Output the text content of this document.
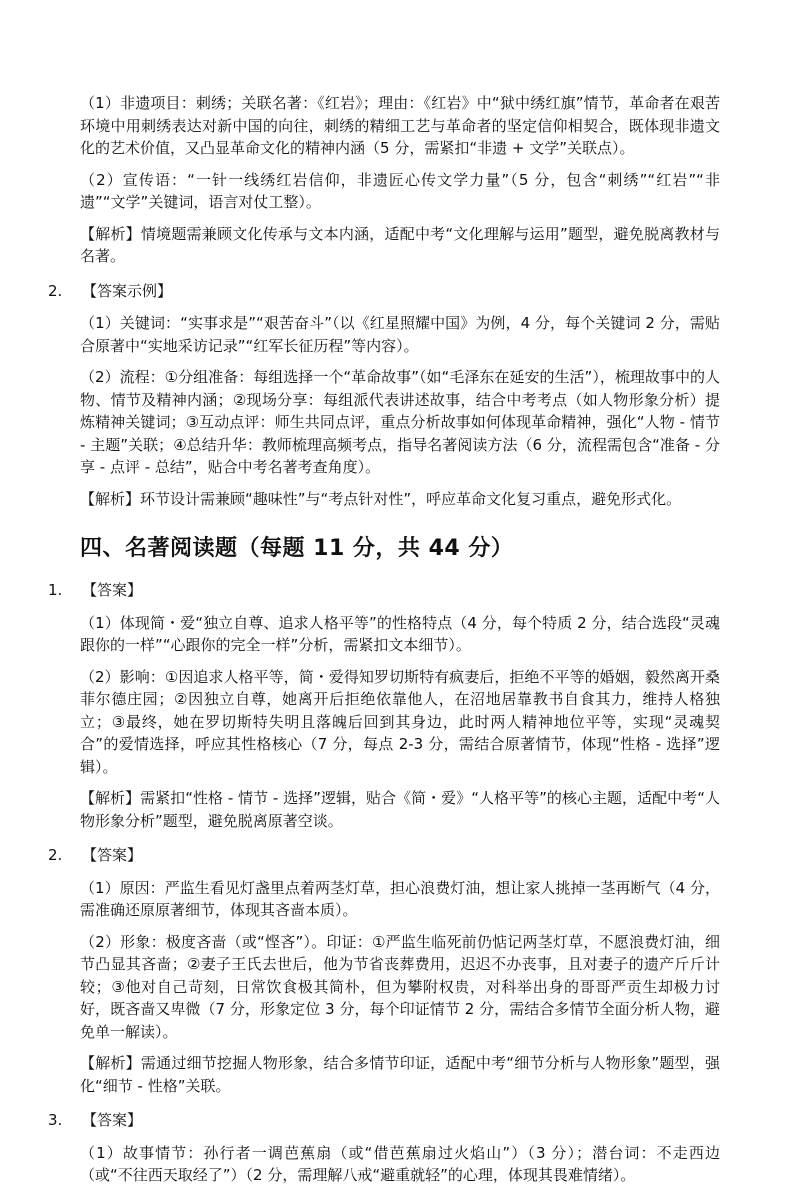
（1）非遗项目：刺绣；关联名著：《红岩》；理由：《红岩》中“狱中绣红旗”情节，革命者在艰苦环境中用刺绣表达对新中国的向往，刺绣的精细工艺与革命者的坚定信仰相契合，既体现非遗文化的艺术价值，又凸显革命文化的精神内涵（5 分，需紧扣“非遗 + 文学”关联点）。

（2）宣传语：“一针一线绣红岩信仰，非遗匠心传文学力量”（5 分，包含“刺绣”“红岩”“非遗”“文学”关键词，语言对仗工整）。

【解析】情境题需兼顾文化传承与文本内涵，适配中考“文化理解与运用”题型，避免脱离教材与名著。

2.	【答案示例】

（1）关键词：“实事求是”“艰苦奋斗”（以《红星照耀中国》为例，4 分，每个关键词 2 分，需贴合原著中“实地采访记录”“红军长征历程”等内容）。

（2）流程：①分组准备：每组选择一个“革命故事”（如“毛泽东在延安的生活”），梳理故事中的人物、情节及精神内涵；②现场分享：每组派代表讲述故事，结合中考考点（如人物形象分析）提炼精神关键词；③互动点评：师生共同点评，重点分析故事如何体现革命精神，强化“人物 - 情节 - 主题”关联；④总结升华：教师梳理高频考点，指导名著阅读方法（6 分，流程需包含“准备 - 分享 - 点评 - 总结”，贴合中考名著考查角度）。

【解析】环节设计需兼顾“趣味性”与“考点针对性”，呼应革命文化复习重点，避免形式化。

四、名著阅读题（每题 11 分，共 44 分）
1.	【答案】

（1）体现简・爱“独立自尊、追求人格平等”的性格特点（4 分，每个特质 2 分，结合选段“灵魂跟你的一样”“心跟你的完全一样”分析，需紧扣文本细节）。

（2）影响：①因追求人格平等，简・爱得知罗切斯特有疯妻后，拒绝不平等的婚姻，毅然离开桑菲尔德庄园；②因独立自尊，她离开后拒绝依靠他人，在沼地居靠教书自食其力，维持人格独立；③最终，她在罗切斯特失明且落魄后回到其身边，此时两人精神地位平等，实现“灵魂契合”的爱情选择，呼应其性格核心（7 分，每点 2-3 分，需结合原著情节，体现“性格 - 选择”逻辑）。

【解析】需紧扣“性格 - 情节 - 选择”逻辑，贴合《简・爱》“人格平等”的核心主题，适配中考“人物形象分析”题型，避免脱离原著空谈。

2.	【答案】

（1）原因：严监生看见灯盏里点着两茎灯草，担心浪费灯油，想让家人挑掉一茎再断气（4 分，需准确还原原著细节，体现其吝啬本质）。

（2）形象：极度吝啬（或“悭吝”）。印证：①严监生临死前仍惦记两茎灯草，不愿浪费灯油，细节凸显其吝啬；②妻子王氏去世后，他为节省丧葬费用，迟迟不办丧事，且对妻子的遗产斤斤计较；③他对自己苛刻，日常饮食极其简朴，但为攀附权贵，对科举出身的哥哥严贡生却极力讨好，既吝啬又卑微（7 分，形象定位 3 分，每个印证情节 2 分，需结合多情节全面分析人物，避免单一解读）。

【解析】需通过细节挖掘人物形象，结合多情节印证，适配中考“细节分析与人物形象”题型，强化“细节 - 性格”关联。

3.	【答案】

（1）故事情节：孙行者一调芭蕉扇（或“借芭蕉扇过火焰山”）（3 分）；潜台词：不走西边（或“不往西天取经了”）（2 分，需理解八戒“避重就轻”的心理，体现其畏难情绪）。
